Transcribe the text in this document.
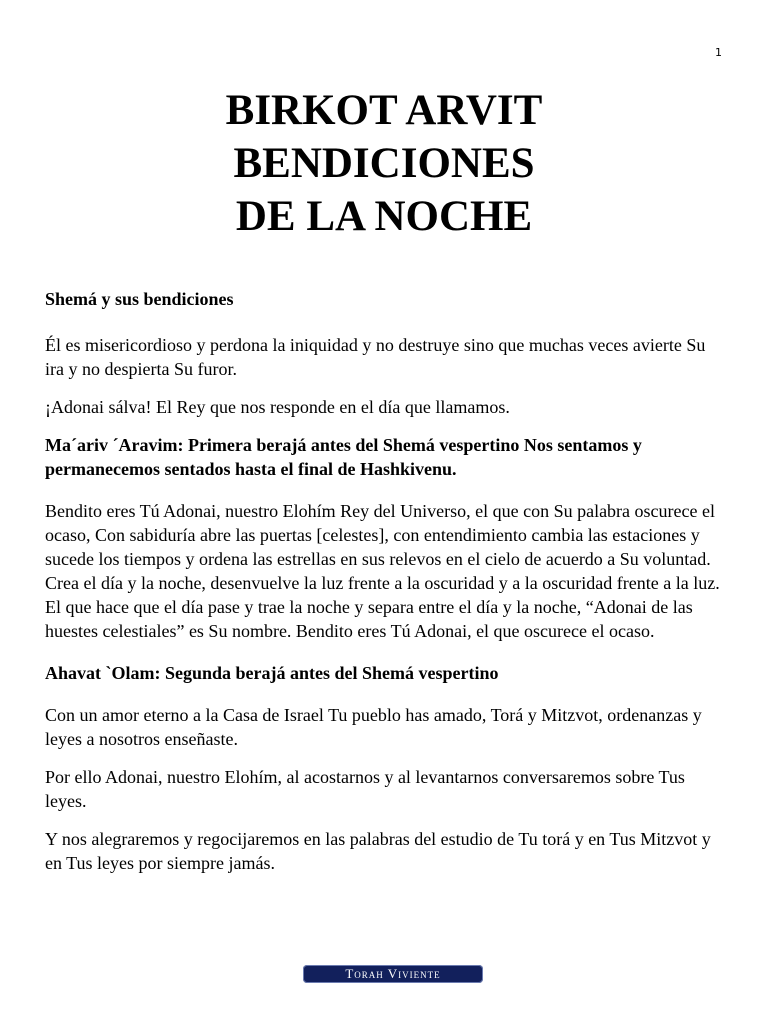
1
BIRKOT ARVIT
BENDICIONES
DE LA NOCHE
Shemá y sus bendiciones
Él es misericordioso y perdona la iniquidad y no destruye sino que muchas veces avierte Su ira y no despierta Su furor.
¡Adonai sálva! El Rey que nos responde en el día que llamamos.
Ma´ariv ´Aravim: Primera berajá antes del Shemá vespertino Nos sentamos y permanecemos sentados hasta el final de Hashkivenu.
Bendito eres Tú Adonai, nuestro Elohím Rey del Universo, el que con Su palabra oscurece el ocaso, Con sabiduría abre las puertas [celestes], con entendimiento cambia las estaciones y sucede los tiempos y ordena las estrellas en sus relevos en el cielo de acuerdo a Su voluntad. Crea el día y la noche, desenvuelve la luz frente a la oscuridad y a la oscuridad frente a la luz. El que hace que el día pase y trae la noche y separa entre el día y la noche, “Adonai de las huestes celestiales” es Su nombre. Bendito eres Tú Adonai, el que oscurece el ocaso.
Ahavat `Olam: Segunda berajá antes del Shemá vespertino
Con un amor eterno a la Casa de Israel Tu pueblo has amado, Torá y Mitzvot, ordenanzas y leyes a nosotros enseñaste.
Por ello Adonai, nuestro Elohím, al acostarnos y al levantarnos conversaremos sobre Tus leyes.
Y nos alegraremos y regocijaremos en las palabras del estudio de Tu torá y en Tus Mitzvot y en Tus leyes por siempre jamás.
Torah Viviente
